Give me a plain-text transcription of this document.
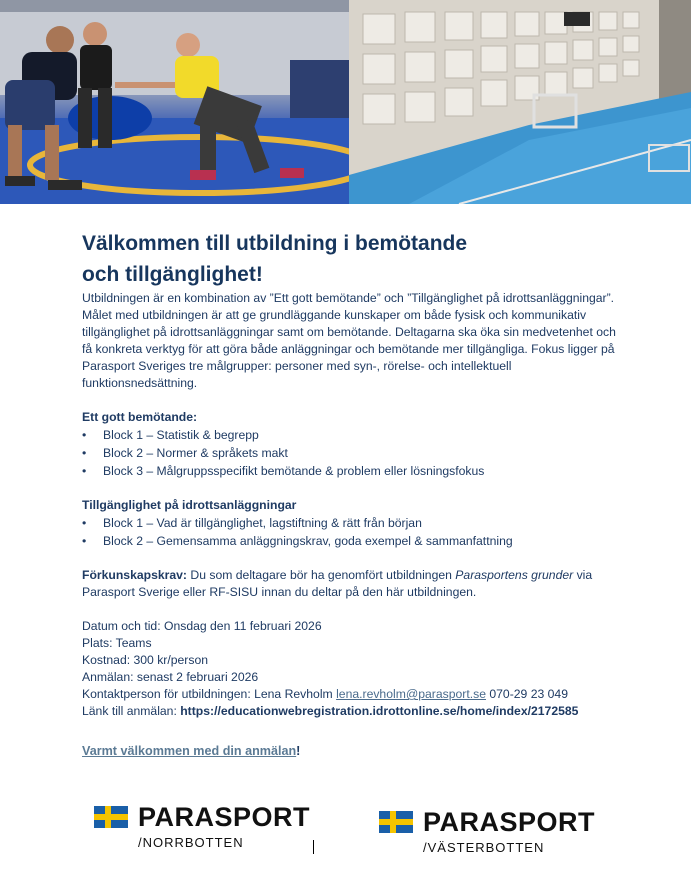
Välkommen till utbildning i bemötande
och tillgänglighet!

Utbildningen är en kombination av ”Ett gott bemötande” och ”Tillgänglighet på idrottsanläggningar”. Målet med utbildningen är att ge grundläggande kunskaper om både fysisk och kommunikativ tillgänglighet på idrottsanläggningar samt om bemötande. Deltagarna ska öka sin medvetenhet och få konkreta verktyg för att göra både anläggningar och bemötande mer tillgängliga. Fokus ligger på Parasport Sveriges tre målgrupper: personer med syn-, rörelse- och intellektuell funktionsnedsättning.

Ett gott bemötande:

• Block 1 – Statistik & begrepp
• Block 2 – Normer & språkets makt
• Block 3 – Målgruppsspecifikt bemötande & problem eller lösningsfokus

Tillgänglighet på idrottsanläggningar

• Block 1 – Vad är tillgänglighet, lagstiftning & rätt från början
• Block 2 – Gemensamma anläggningskrav, goda exempel & sammanfattning

Förkunskapskrav: Du som deltagare bör ha genomfört utbildningen Parasportens grunder via Parasport Sverige eller RF-SISU innan du deltar på den här utbildningen.

Datum och tid: Onsdag den 11 februari 2026

Plats: Teams

Kostnad: 300 kr/person

Anmälan: senast 2 februari 2026

Kontaktperson för utbildningen: Lena Revholm lena.revholm@parasport.se 070-29 23 049

Länk till anmälan: https://educationwebregistration.idrottonline.se/home/index/2172585

Varmt välkommen med din anmälan!

PARASPORT
/NORRBOTTEN
PARASPORT
/VÄSTERBOTTEN
